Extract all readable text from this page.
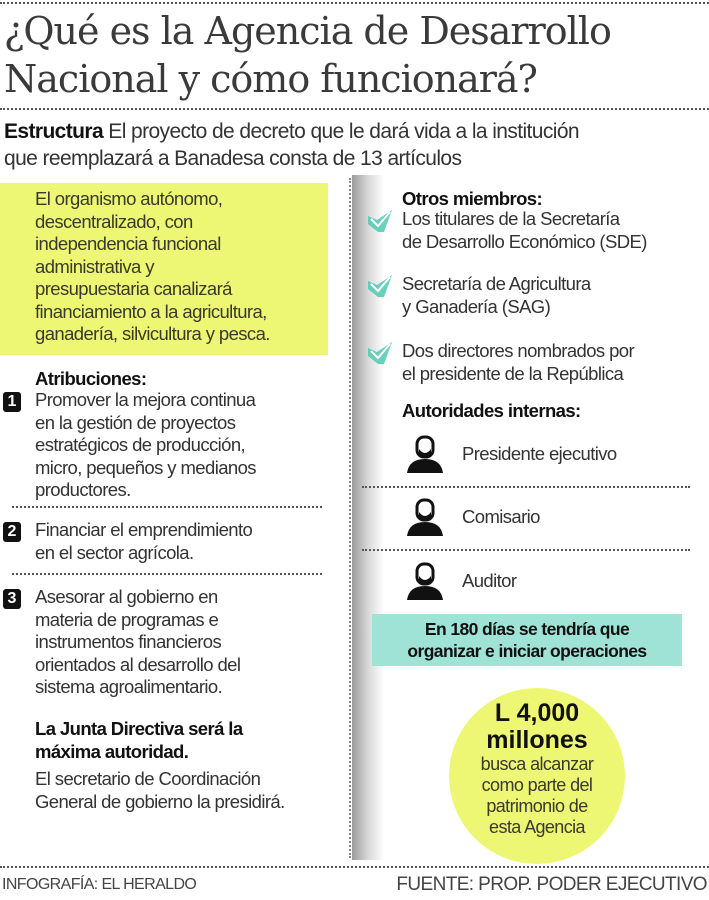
¿Qué es la Agencia de Desarrollo
Nacional y cómo funcionará?
Estructura El proyecto de decreto que le dará vida a la institución
que reemplazará a Banadesa consta de 13 artículos
El organismo autónomo,
descentralizado, con
independencia funcional
administrativa y
presupuestaria canalizará
financiamiento a la agricultura,
ganadería, silvicultura y pesca.
Atribuciones:
1 Promover la mejora continua
en la gestión de proyectos
estratégicos de producción,
micro, pequeños y medianos
productores.
2 Financiar el emprendimiento
en el sector agrícola.
3 Asesorar al gobierno en
materia de programas e
instrumentos financieros
orientados al desarrollo del
sistema agroalimentario.
La Junta Directiva será la
máxima autoridad.
El secretario de Coordinación
General de gobierno la presidirá.
Otros miembros:
Los titulares de la Secretaría
de Desarrollo Económico (SDE)
Secretaría de Agricultura
y Ganadería (SAG)
Dos directores nombrados por
el presidente de la República
Autoridades internas:
Presidente ejecutivo
Comisario
Auditor
En 180 días se tendría que
organizar e iniciar operaciones
L 4,000
millones
busca alcanzar
como parte del
patrimonio de
esta Agencia
INFOGRAFÍA: EL HERALDO	FUENTE: PROP. PODER EJECUTIVO
